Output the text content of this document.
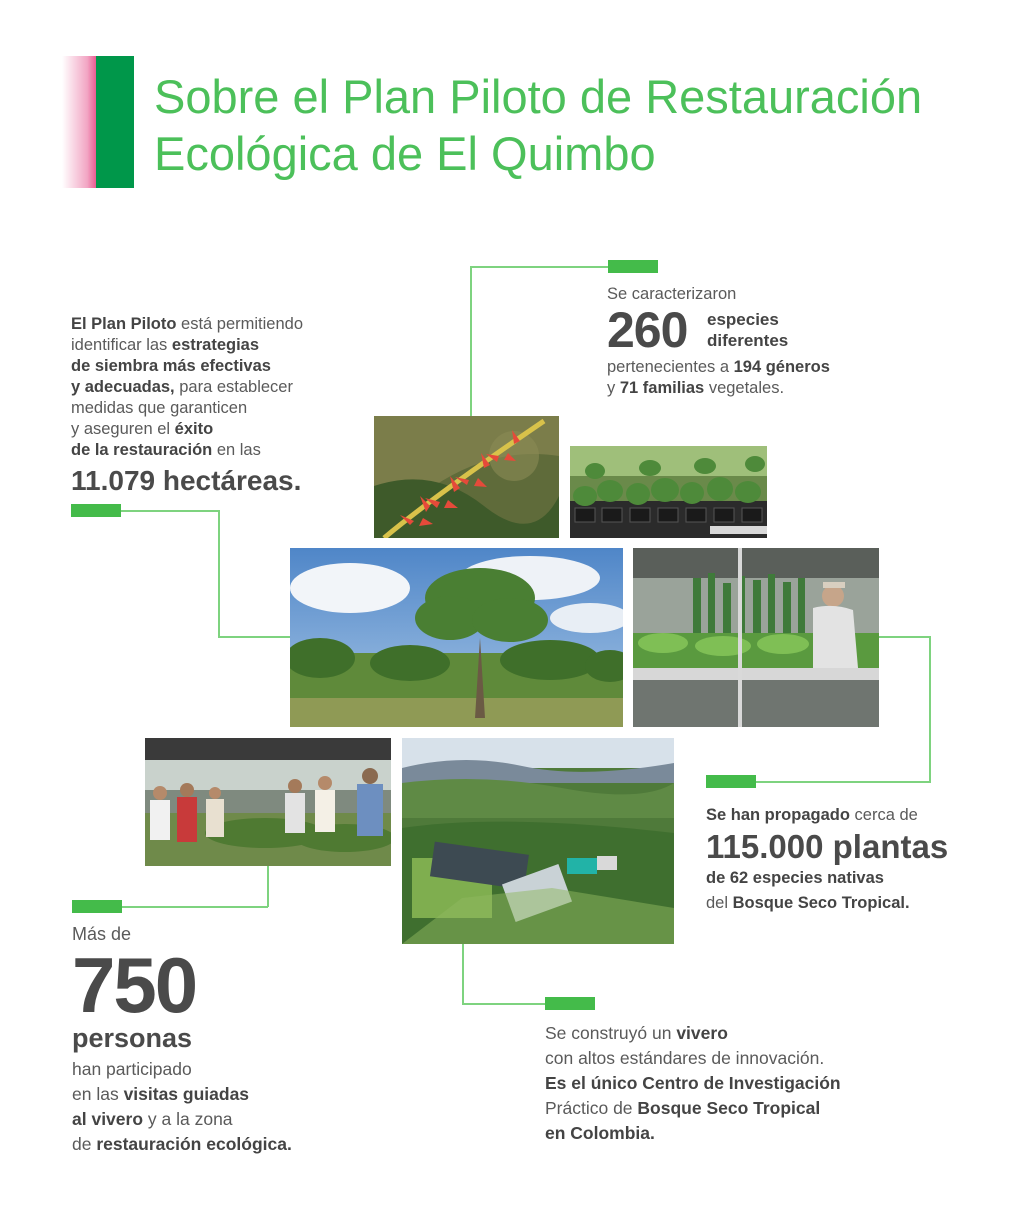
Sobre el Plan Piloto de Restauración
Ecológica de El Quimbo
El Plan Piloto está permitiendo
identificar las estrategias
de siembra más efectivas
y adecuadas, para establecer
medidas que garanticen
y aseguren el éxito
de la restauración en las
11.079 hectáreas.
Se caracterizaron
260 especies
diferentes
pertenecientes a 194 géneros
y 71 familias vegetales.
Se han propagado cerca de
115.000 plantas
de 62 especies nativas
del Bosque Seco Tropical.
Más de
750
personas
han participado
en las visitas guiadas
al vivero y a la zona
de restauración ecológica.
Se construyó un vivero
con altos estándares de innovación.
Es el único Centro de Investigación
Práctico de Bosque Seco Tropical
en Colombia.
